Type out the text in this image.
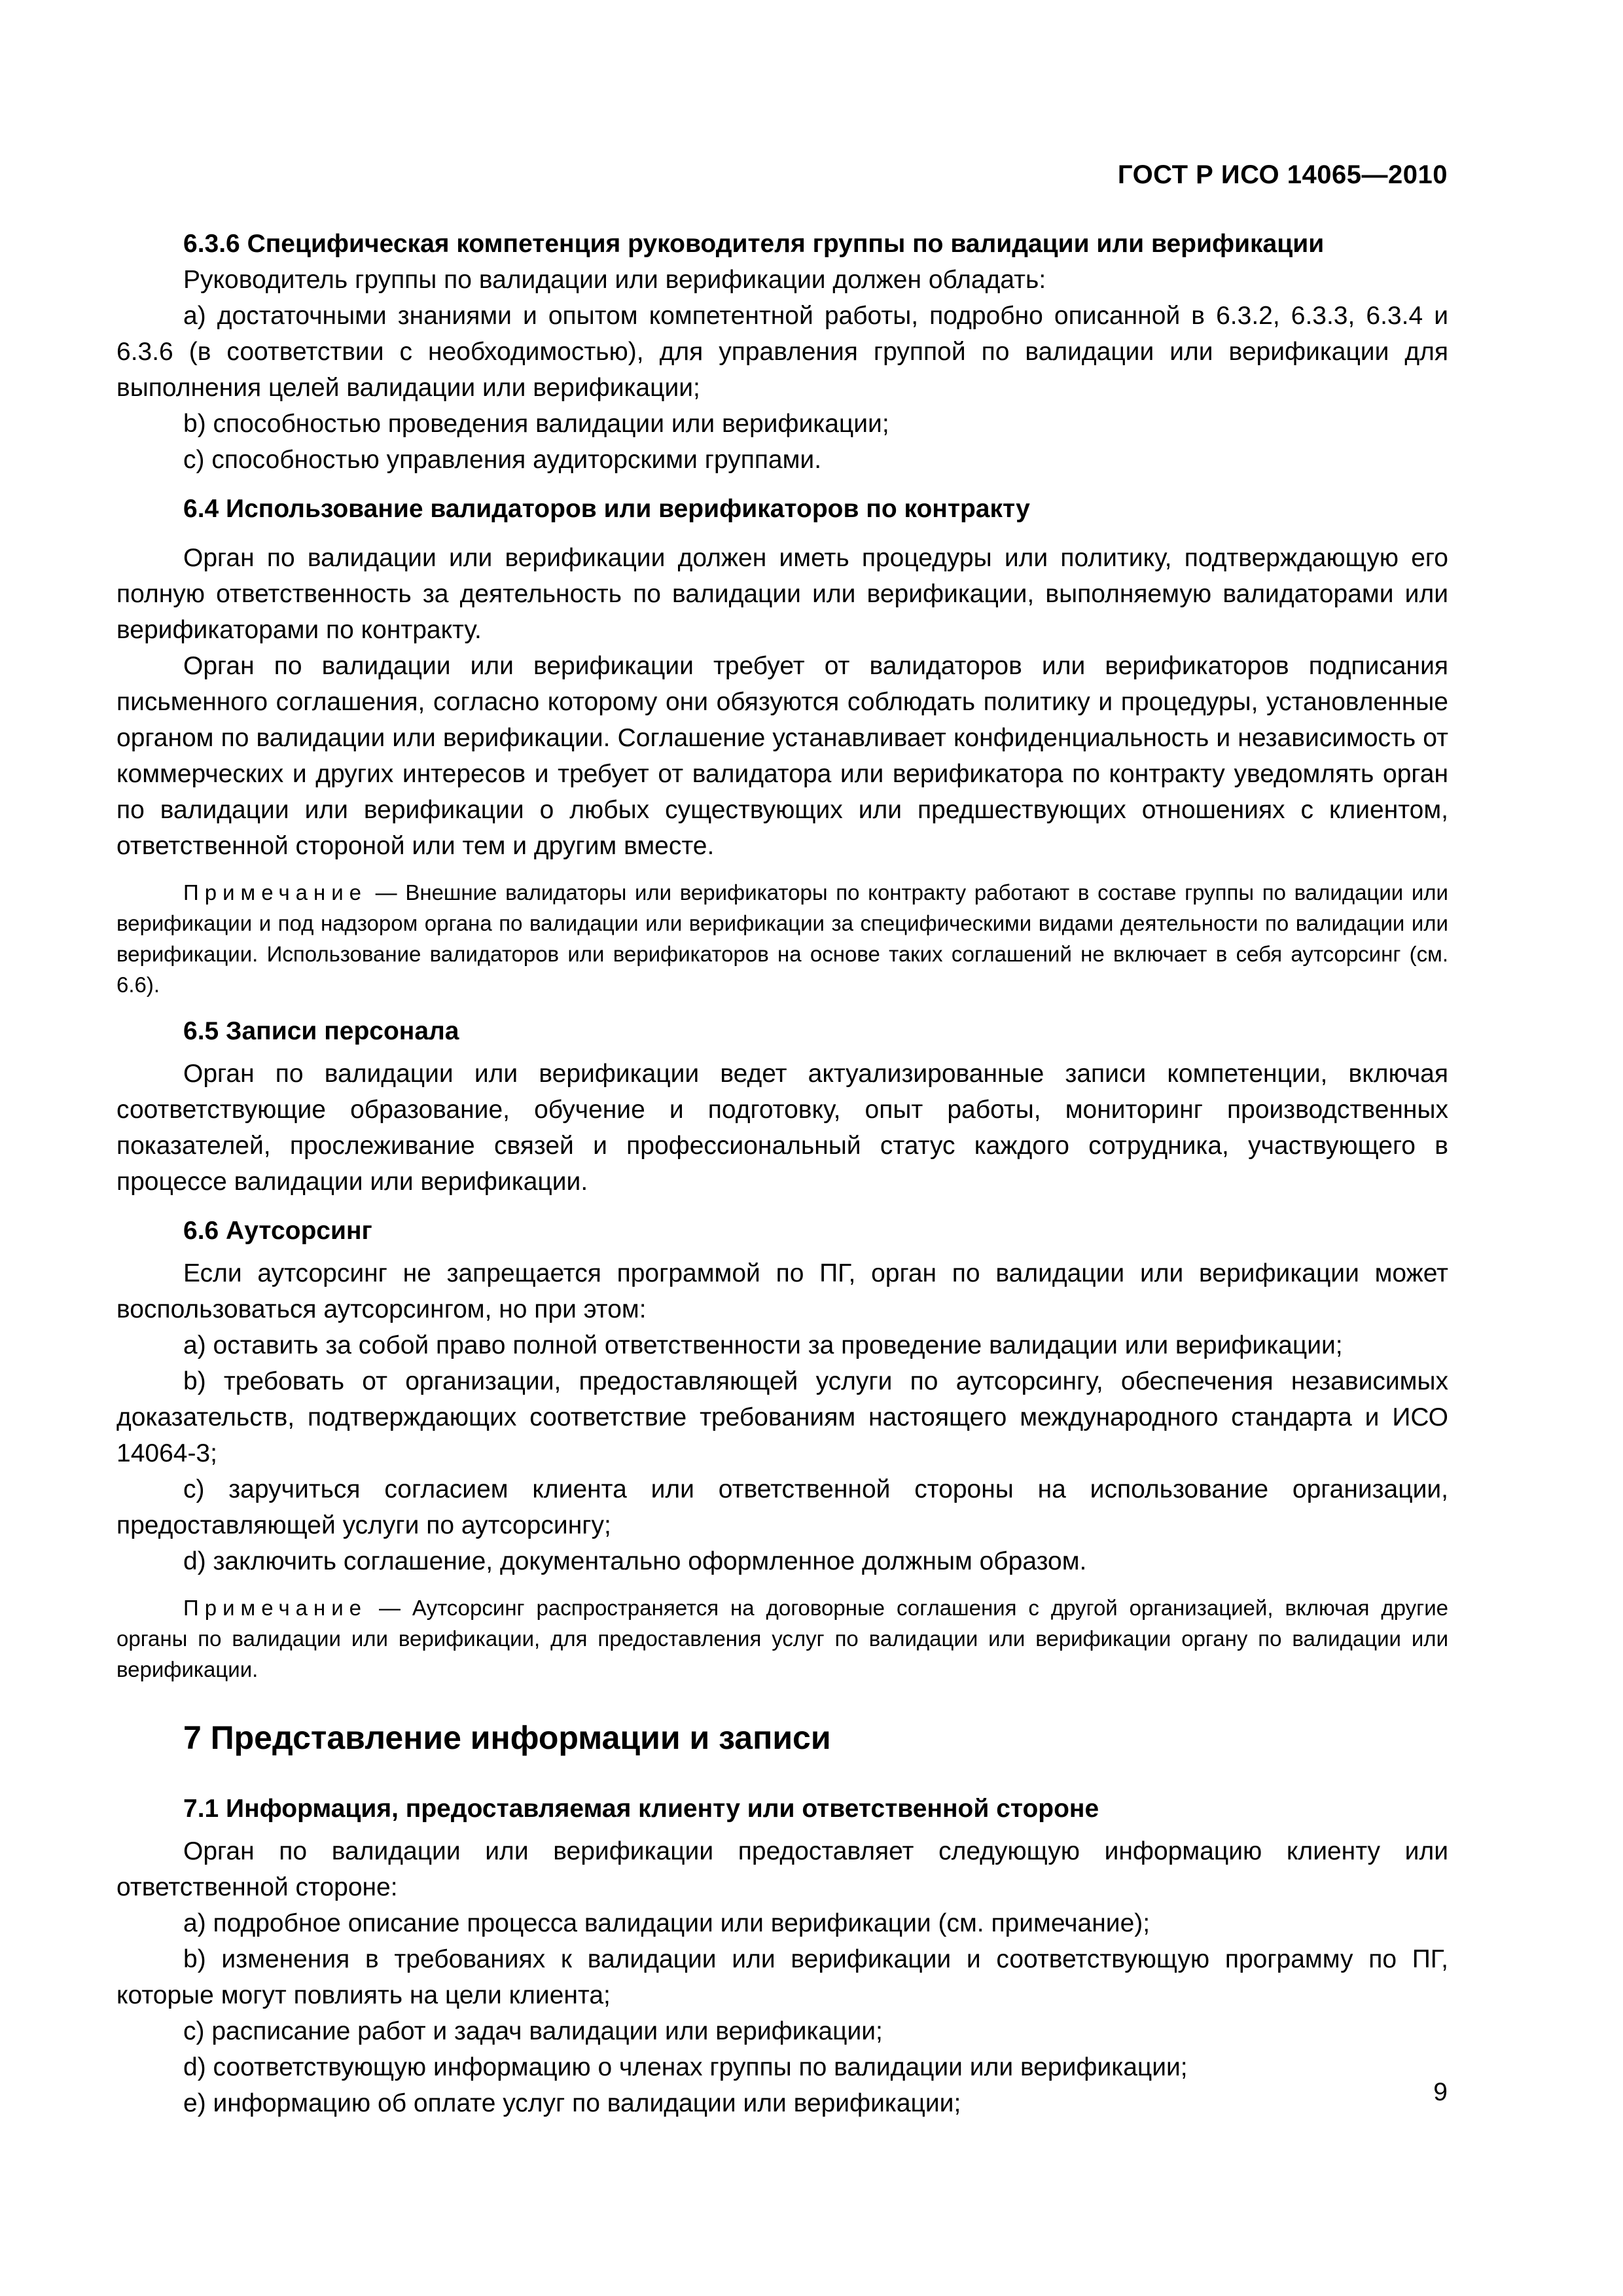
ГОСТ Р ИСО 14065—2010
6.3.6 Специфическая компетенция руководителя группы по валидации или верификации

Руководитель группы по валидации или верификации должен обладать:

a) достаточными знаниями и опытом компетентной работы, подробно описанной в 6.3.2, 6.3.3, 6.3.4 и 6.3.6 (в соответствии с необходимостью), для управления группой по валидации или верификации для выполнения целей валидации или верификации;

b) способностью проведения валидации или верификации;

c) способностью управления аудиторскими группами.

6.4 Использование валидаторов или верификаторов по контракту

Орган по валидации или верификации должен иметь процедуры или политику, подтверждающую его полную ответственность за деятельность по валидации или верификации, выполняемую валидаторами или верификаторами по контракту.

Орган по валидации или верификации требует от валидаторов или верификаторов подписания письменного соглашения, согласно которому они обязуются соблюдать политику и процедуры, установленные органом по валидации или верификации. Соглашение устанавливает конфиденциальность и независимость от коммерческих и других интересов и требует от валидатора или верификатора по контракту уведомлять орган по валидации или верификации о любых существующих или предшествующих отношениях с клиентом, ответственной стороной или тем и другим вместе.

Примечание — Внешние валидаторы или верификаторы по контракту работают в составе группы по валидации или верификации и под надзором органа по валидации или верификации за специфическими видами деятельности по валидации или верификации. Использование валидаторов или верификаторов на основе таких соглашений не включает в себя аутсорсинг (см. 6.6).
6.5 Записи персонала

Орган по валидации или верификации ведет актуализированные записи компетенции, включая соответствующие образование, обучение и подготовку, опыт работы, мониторинг производственных показателей, прослеживание связей и профессиональный статус каждого сотрудника, участвующего в процессе валидации или верификации.

6.6 Аутсорсинг

Если аутсорсинг не запрещается программой по ПГ, орган по валидации или верификации может воспользоваться аутсорсингом, но при этом:

a) оставить за собой право полной ответственности за проведение валидации или верификации;

b) требовать от организации, предоставляющей услуги по аутсорсингу, обеспечения независимых доказательств, подтверждающих соответствие требованиям настоящего международного стандарта и ИСО 14064-3;

c) заручиться согласием клиента или ответственной стороны на использование организации, предоставляющей услуги по аутсорсингу;

d) заключить соглашение, документально оформленное должным образом.

Примечание — Аутсорсинг распространяется на договорные соглашения с другой организацией, включая другие органы по валидации или верификации, для предоставления услуг по валидации или верификации органу по валидации или верификации.
7 Представление информации и записи
7.1 Информация, предоставляемая клиенту или ответственной стороне

Орган по валидации или верификации предоставляет следующую информацию клиенту или ответственной стороне:

a) подробное описание процесса валидации или верификации (см. примечание);

b) изменения в требованиях к валидации или верификации и соответствующую программу по ПГ, которые могут повлиять на цели клиента;

c) расписание работ и задач валидации или верификации;

d) соответствующую информацию о членах группы по валидации или верификации;

e) информацию об оплате услуг по валидации или верификации;	9
